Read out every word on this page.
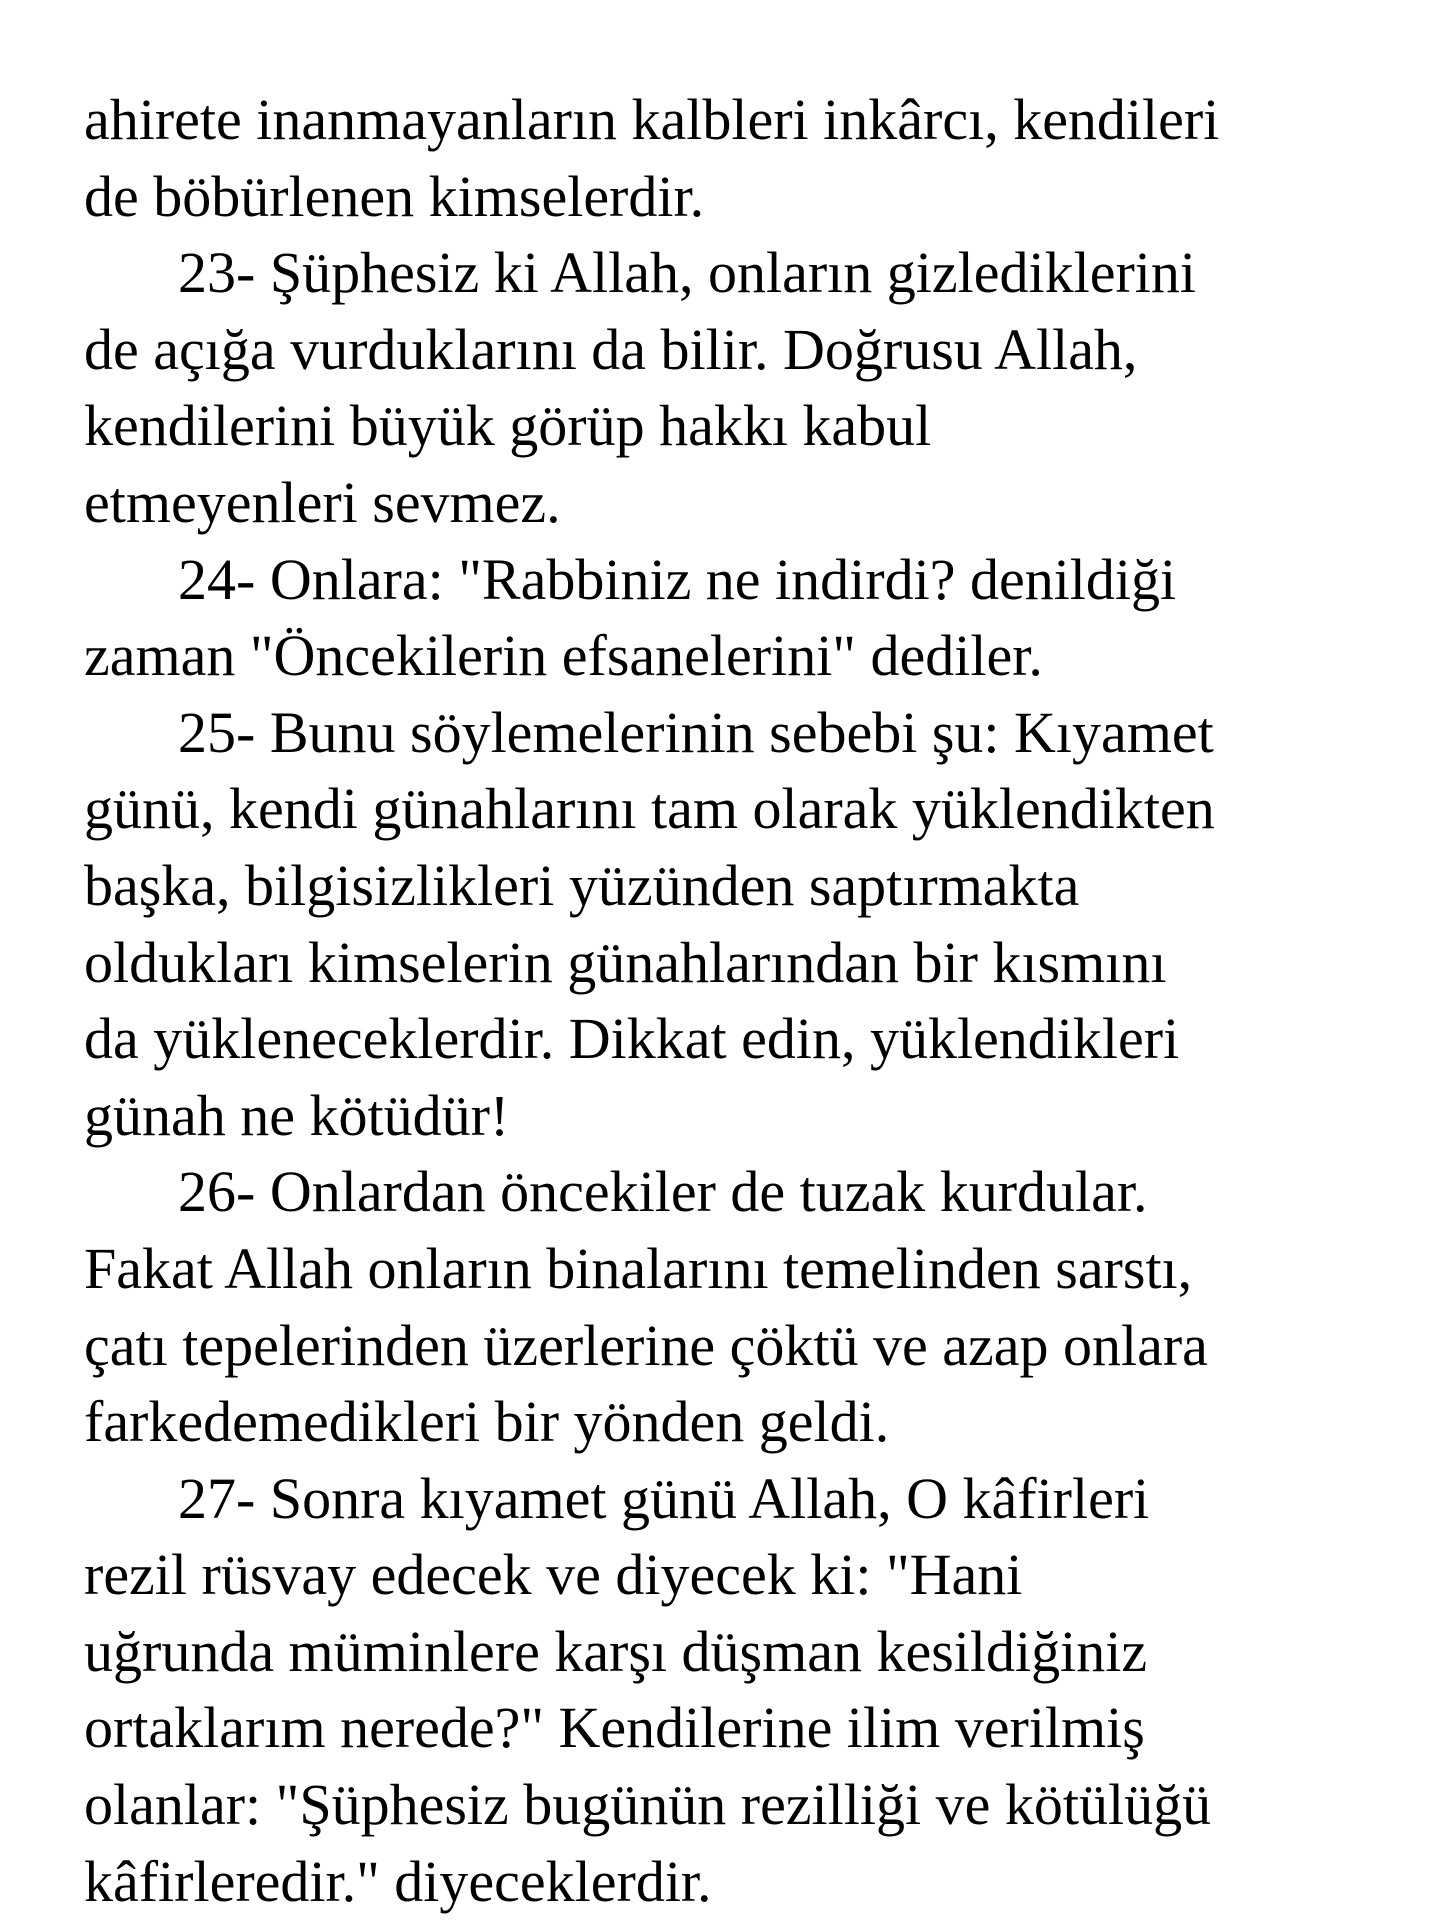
ahirete inanmayanların kalbleri inkârcı, kendileri
de böbürlenen kimselerdir.
23- Şüphesiz ki Allah, onların gizlediklerini
de açığa vurduklarını da bilir. Doğrusu Allah,
kendilerini büyük görüp hakkı kabul
etmeyenleri sevmez.
24- Onlara: "Rabbiniz ne indirdi? denildiği
zaman "Öncekilerin efsanelerini" dediler.
25- Bunu söylemelerinin sebebi şu: Kıyamet
günü, kendi günahlarını tam olarak yüklendikten
başka, bilgisizlikleri yüzünden saptırmakta
oldukları kimselerin günahlarından bir kısmını
da yükleneceklerdir. Dikkat edin, yüklendikleri
günah ne kötüdür!
26- Onlardan öncekiler de tuzak kurdular.
Fakat Allah onların binalarını temelinden sarstı,
çatı tepelerinden üzerlerine çöktü ve azap onlara
farkedemedikleri bir yönden geldi.
27- Sonra kıyamet günü Allah, O kâfirleri
rezil rüsvay edecek ve diyecek ki: "Hani
uğrunda müminlere karşı düşman kesildiğiniz
ortaklarım nerede?" Kendilerine ilim verilmiş
olanlar: "Şüphesiz bugünün rezilliği ve kötülüğü
kâfirleredir." diyeceklerdir.
